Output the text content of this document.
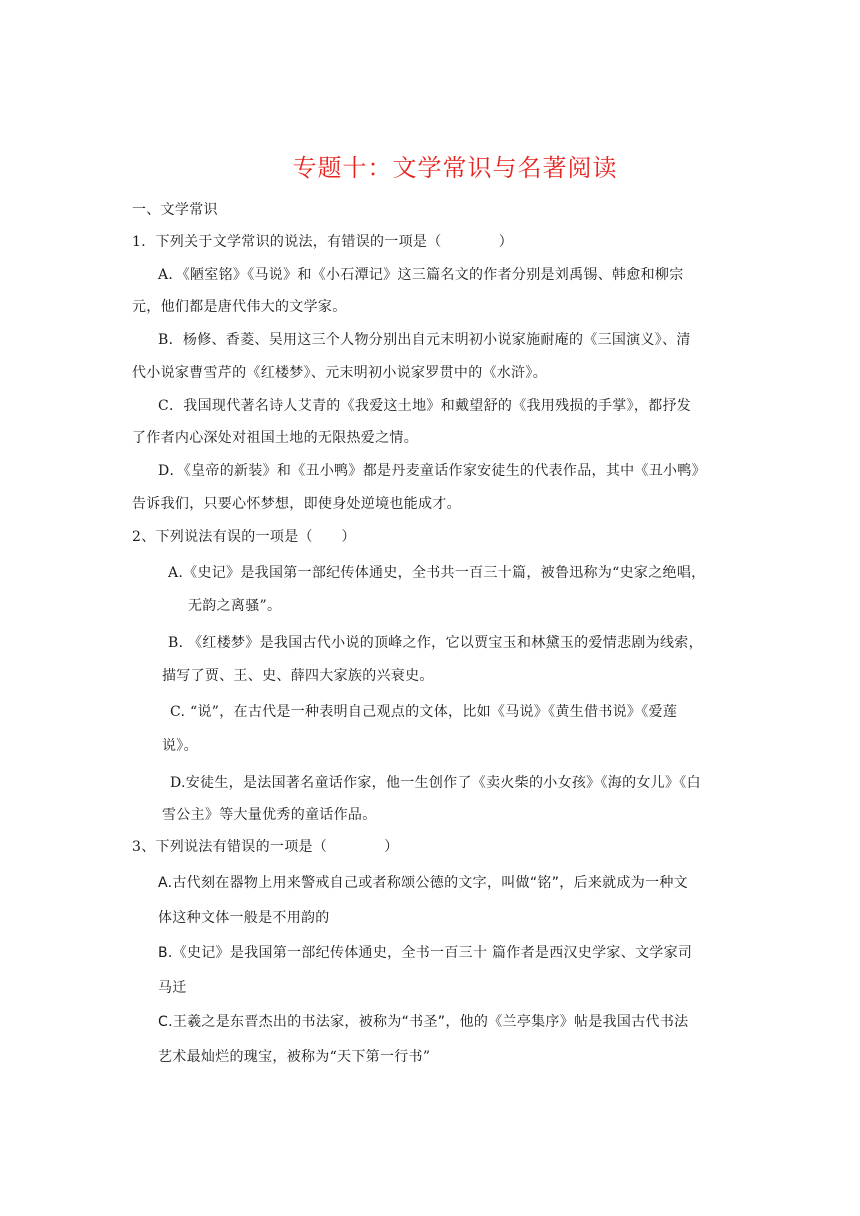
专题十：文学常识与名著阅读
一、文学常识
1．下列关于文学常识的说法，有错误的一项是（　　　　）
A．《陋室铭》《马说》和《小石潭记》这三篇名文的作者分别是刘禹锡、韩愈和柳宗
元，他们都是唐代伟大的文学家。
B．杨修、香菱、吴用这三个人物分别出自元末明初小说家施耐庵的《三国演义》、清
代小说家曹雪芹的《红楼梦》、元末明初小说家罗贯中的《水浒》。
C．我国现代著名诗人艾青的《我爱这土地》和戴望舒的《我用残损的手掌》，都抒发
了作者内心深处对祖国土地的无限热爱之情。
D．《皇帝的新装》和《丑小鸭》都是丹麦童话作家安徒生的代表作品，其中《丑小鸭》
告诉我们，只要心怀梦想，即使身处逆境也能成才。
2、下列说法有误的一项是（　　）
A.《史记》是我国第一部纪传体通史，全书共一百三十篇，被鲁迅称为“史家之绝唱，
无韵之离骚”。
B. 《红楼梦》是我国古代小说的顶峰之作，它以贾宝玉和林黛玉的爱情悲剧为线索，
描写了贾、王、史、薛四大家族的兴衰史。
C. “说”，在古代是一种表明自己观点的文体，比如《马说》《黄生借书说》《爱莲
说》。
D.安徒生，是法国著名童话作家，他一生创作了《卖火柴的小女孩》《海的女儿》《白
雪公主》等大量优秀的童话作品。
3、下列说法有错误的一项是（　　　　）
A.古代刻在器物上用来警戒自己或者称颂公德的文字，叫做“铭”，后来就成为一种文
体这种文体一般是不用韵的
B.《史记》是我国第一部纪传体通史，全书一百三十 篇作者是西汉史学家、文学家司
马迁
C.王羲之是东晋杰出的书法家，被称为“书圣”，他的《兰亭集序》帖是我国古代书法
艺术最灿烂的瑰宝，被称为“天下第一行书”
